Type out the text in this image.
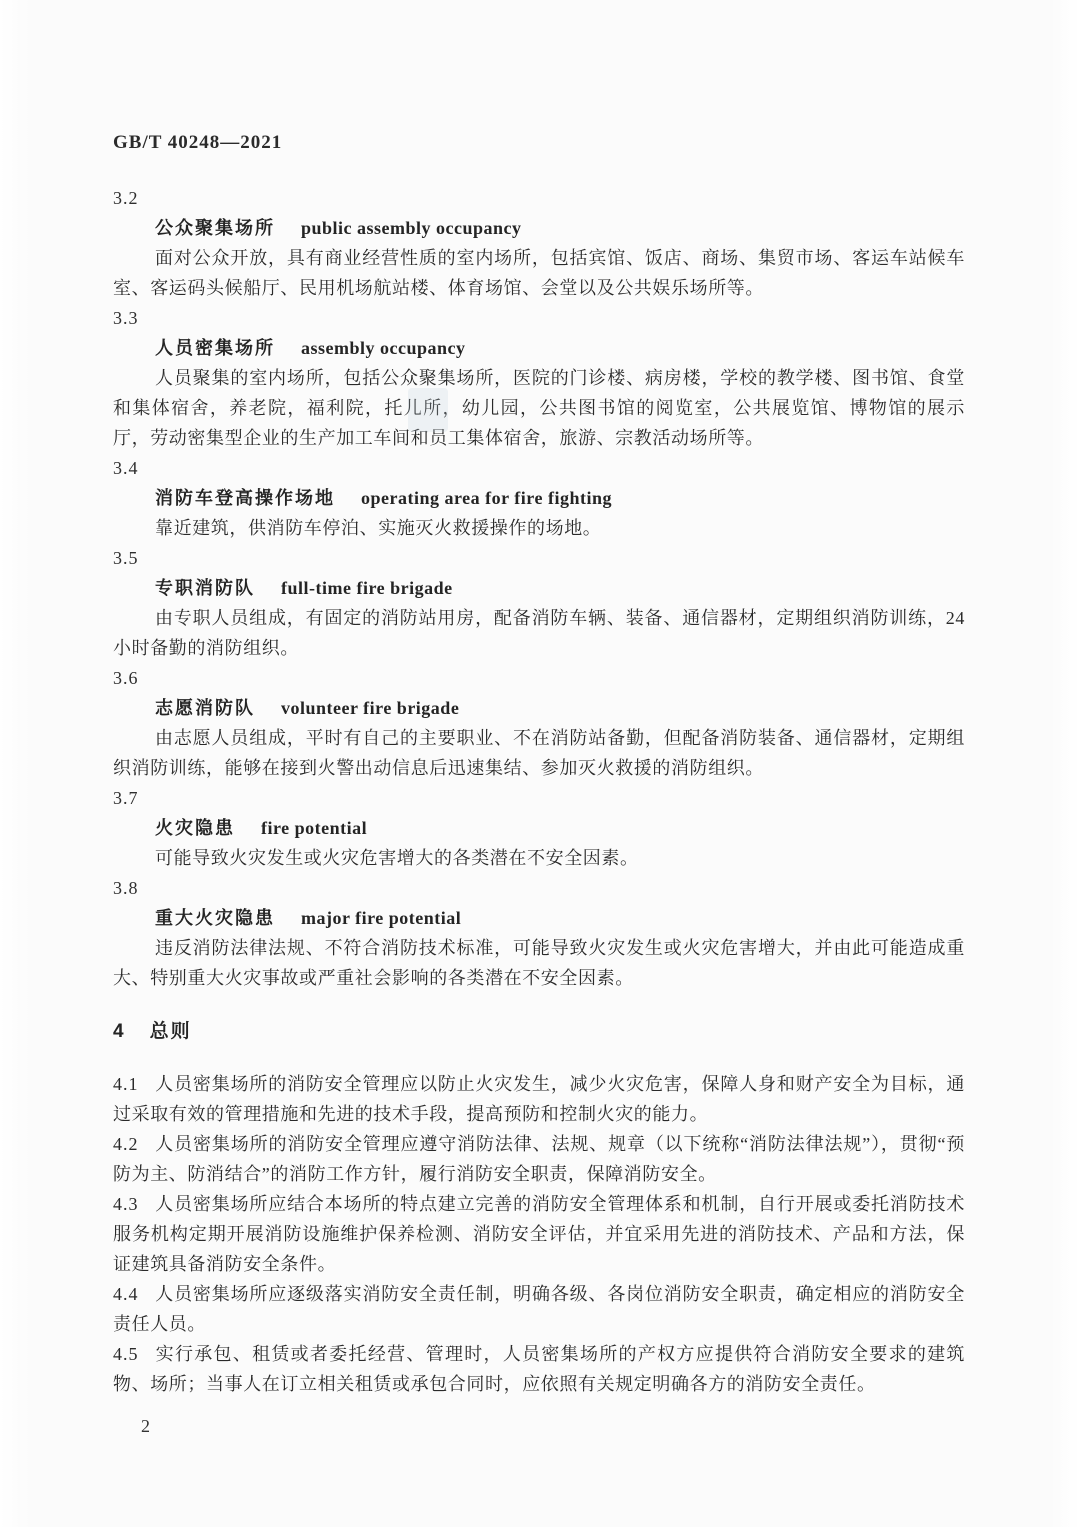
GB/T 40248—2021
3.2
公众聚集场所 public assembly occupancy

面对公众开放，具有商业经营性质的室内场所，包括宾馆、饭店、商场、集贸市场、客运车站候车室、客运码头候船厅、民用机场航站楼、体育场馆、会堂以及公共娱乐场所等。

3.3
人员密集场所 assembly occupancy

人员聚集的室内场所，包括公众聚集场所，医院的门诊楼、病房楼，学校的教学楼、图书馆、食堂和集体宿舍，养老院，福利院，托儿所，幼儿园，公共图书馆的阅览室，公共展览馆、博物馆的展示厅，劳动密集型企业的生产加工车间和员工集体宿舍，旅游、宗教活动场所等。

3.4
消防车登高操作场地 operating area for fire fighting

靠近建筑，供消防车停泊、实施灭火救援操作的场地。

3.5
专职消防队 full-time fire brigade

由专职人员组成，有固定的消防站用房，配备消防车辆、装备、通信器材，定期组织消防训练，24 小时备勤的消防组织。

3.6
志愿消防队 volunteer fire brigade

由志愿人员组成，平时有自己的主要职业、不在消防站备勤，但配备消防装备、通信器材，定期组织消防训练，能够在接到火警出动信息后迅速集结、参加灭火救援的消防组织。

3.7
火灾隐患 fire potential

可能导致火灾发生或火灾危害增大的各类潜在不安全因素。

3.8
重大火灾隐患 major fire potential

违反消防法律法规、不符合消防技术标准，可能导致火灾发生或火灾危害增大，并由此可能造成重大、特别重大火灾事故或严重社会影响的各类潜在不安全因素。

4 总则

4.1 人员密集场所的消防安全管理应以防止火灾发生，减少火灾危害，保障人身和财产安全为目标，通过采取有效的管理措施和先进的技术手段，提高预防和控制火灾的能力。

4.2 人员密集场所的消防安全管理应遵守消防法律、法规、规章（以下统称“消防法律法规”），贯彻“预防为主、防消结合”的消防工作方针，履行消防安全职责，保障消防安全。

4.3 人员密集场所应结合本场所的特点建立完善的消防安全管理体系和机制，自行开展或委托消防技术服务机构定期开展消防设施维护保养检测、消防安全评估，并宜采用先进的消防技术、产品和方法，保证建筑具备消防安全条件。

4.4 人员密集场所应逐级落实消防安全责任制，明确各级、各岗位消防安全职责，确定相应的消防安全责任人员。

4.5 实行承包、租赁或者委托经营、管理时，人员密集场所的产权方应提供符合消防安全要求的建筑物、场所；当事人在订立相关租赁或承包合同时，应依照有关规定明确各方的消防安全责任。

2
